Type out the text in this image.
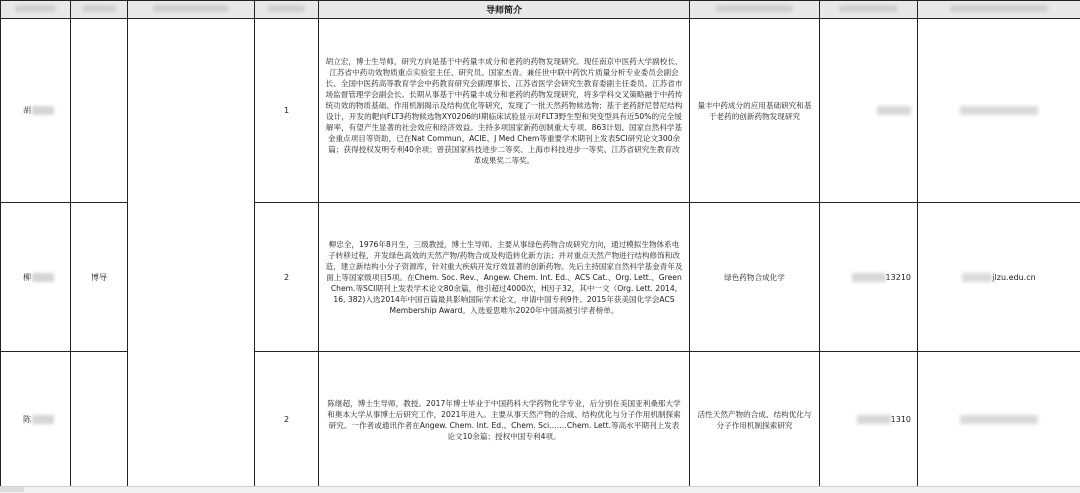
				导师简介			
胡			1	胡立宏，博士生导师，研究方向是基于中药量丰成分和老药的药物发现研究。现任南京中医药大学副校长、江苏省中药功效物质重点实验室主任、研究员、国家杰青。兼任世中联中药饮片质量分析专业委员会副会长、全国中医药高等教育学会中药教育研究会副理事长、江苏省医学会研究生教育委副主任委员、江苏省市场监督管理学会副会长。长期从事基于中药量丰成分和老药的药物发现研究，将多学科交叉策略融于中药传统功效的物质基础、作用机制揭示及结构优化等研究，发现了一批天然药物候选物；基于老药舒尼替尼结构设计，开发的靶向FLT3药物候选物XY0206的I期临床试验显示对FLT3野生型和突变型具有近50%的完全缓解率，有望产生显著的社会效应和经济效益。主持多项国家新药创制重大专项、863计划、国家自然科学基金重点项目等资助，已在Nat Commun、ACIE、J Med Chem等重要学术期刊上发表SCI研究论文300余篇；获得授权发明专利40余项；曾获国家科技进步二等奖、上海市科技进步一等奖、江苏省研究生教育改革成果奖二等奖。	量丰中药成分的应用基础研究和基于老药的创新药物发现研究		
柳	博导		2	柳忠全，1976年8月生，三级教授，博士生导师。主要从事绿色药物合成研究方向，通过模拟生物体系电子转移过程，开发绿色高效的天然产物/药物合成及构造转化新方法；并对重点天然产物进行结构修饰和改造，建立新结构小分子资源库，针对重大疾病开发疗效显著的创新药物。先后主持国家自然科学基金青年及面上等国家级项目5项。在Chem. Soc. Rev.、Angew. Chem. Int. Ed.、ACS Cat.、Org. Lett.、Green Chem.等SCI期刊上发表学术论文80余篇，他引超过4000次，H因子32，其中一文（Org. Lett. 2014, 16, 382)入选2014年中国百篇最具影响国际学术论文，申请中国专利9件。2015年获美国化学会ACS Membership Award。入选爱思唯尔2020年中国高被引学者榜单。	绿色药物合成化学	13210	jlzu.edu.cn
陈			2	陈继超，博士生导师，教授。2017年博士毕业于中国药科大学药物化学专业，后分别在美国亚利桑那大学和奥本大学从事博士后研究工作，2021年进入。主要从事天然产物的合成、结构优化与分子作用机制探索研究。一作者或通讯作者在Angew. Chem. Int. Ed.、Chem. Sci.……Chem. Lett.等高水平期刊上发表论文10余篇；授权中国专利4项。	活性天然产物的合成、结构优化与分子作用机制探索研究	1310	
